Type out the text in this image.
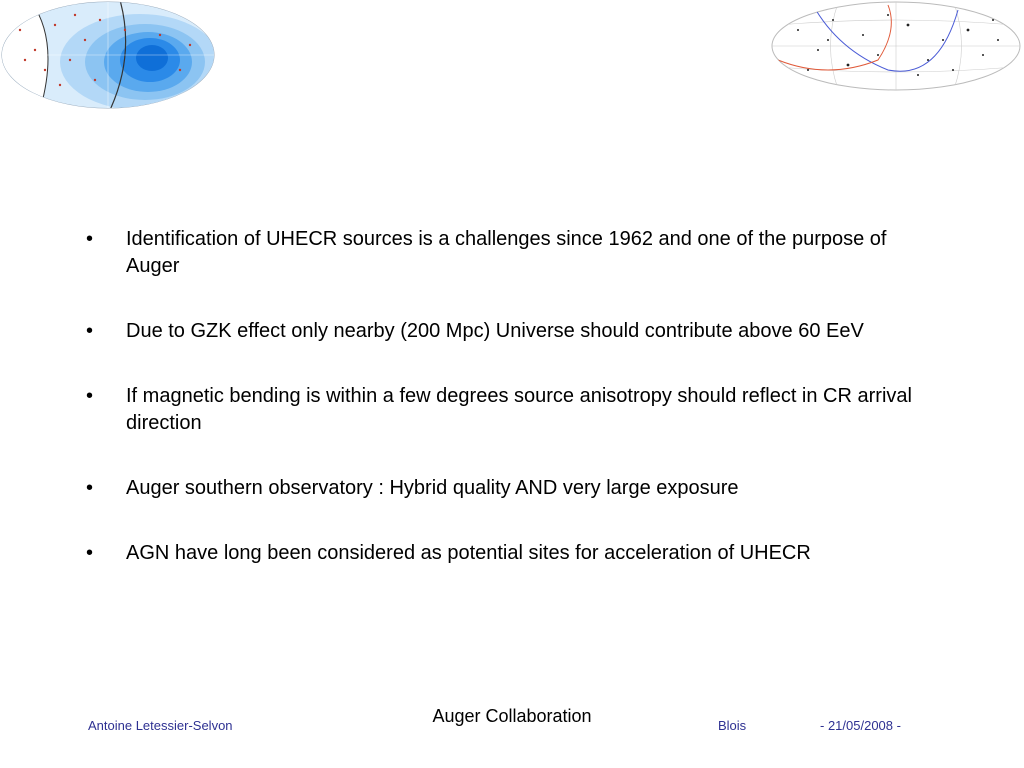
•	Identification of UHECR sources is a challenges since 1962 and one of the purpose of Auger
•	Due to GZK effect only nearby (200 Mpc) Universe should contribute above 60 EeV
•	If magnetic bending is within a few degrees source anisotropy should reflect in CR arrival direction
•	Auger southern observatory : Hybrid quality AND very large exposure
•	AGN have long been considered as potential sites for acceleration of UHECR
Auger Collaboration
Antoine Letessier-Selvon	Blois	- 21/05/2008 -
